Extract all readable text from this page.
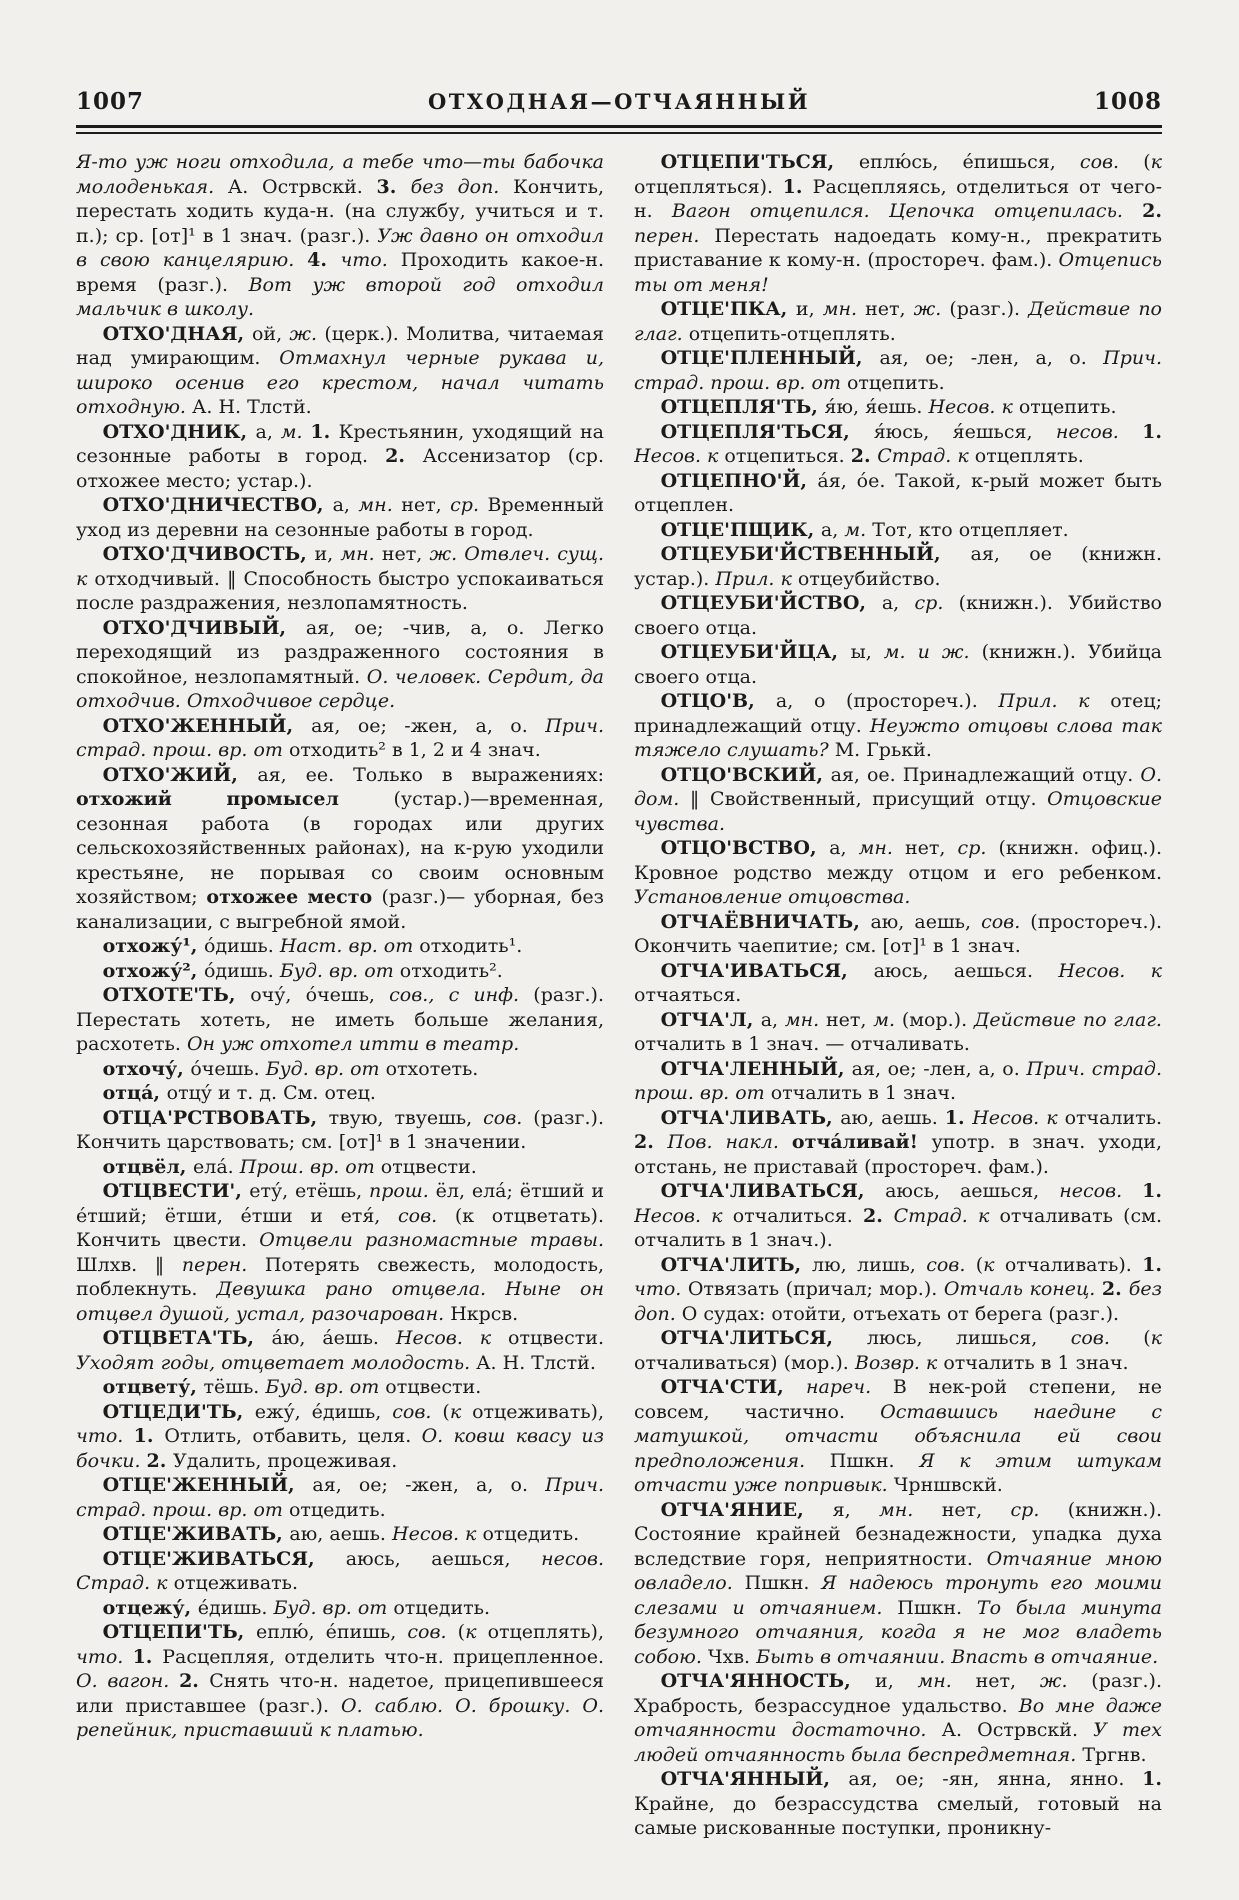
1007	ОТХОДНАЯ—ОТЧАЯННЫЙ	1008

Я-то уж ноги отходила, а тебе что—ты бабочка молоденькая. А. Острвскй. 3. без доп. Кончить, перестать ходить куда-н. (на службу, учиться и т. п.); ср. [от]¹ в 1 знач. (разг.). Уж давно он отходил в свою канцелярию. 4. что. Проходить какое-н. время (разг.). Вот уж второй год отходил мальчик в школу.

ОТХО'ДНАЯ, ой, ж. (церк.). Молитва, читаемая над умирающим. Отмахнул черные рукава и, широко осенив его крестом, начал читать отходную. А. Н. Тлстй.

ОТХО'ДНИК, а, м. 1. Крестьянин, уходящий на сезонные работы в город. 2. Ассенизатор (ср. отхожее место; устар.).

ОТХО'ДНИЧЕСТВО, а, мн. нет, ср. Временный уход из деревни на сезонные работы в город.

ОТХО'ДЧИВОСТЬ, и, мн. нет, ж. Отвлеч. сущ. к отходчивый. ‖ Способность быстро успокаиваться после раздражения, незлопамятность.

ОТХО'ДЧИВЫЙ, ая, ое; -чив, а, о. Легко переходящий из раздраженного состояния в спокойное, незлопамятный. О. человек. Сердит, да отходчив. Отходчивое сердце.

ОТХО'ЖЕННЫЙ, ая, ое; -жен, а, о. Прич. страд. прош. вр. от отходить² в 1, 2 и 4 знач.

ОТХО'ЖИЙ, ая, ее. Только в выражениях: отхожий промысел (устар.)—временная, сезонная работа (в городах или других сельскохозяйственных районах), на к-рую уходили крестьяне, не порывая со своим основным хозяйством; отхожее место (разг.)— уборная, без канализации, с выгребной ямой.

отхожу́¹, о́дишь. Наст. вр. от отходить¹.

отхожу́², о́дишь. Буд. вр. от отходить².

ОТХОТЕ'ТЬ, очу́, о́чешь, сов., с инф. (разг.). Перестать хотеть, не иметь больше желания, расхотеть. Он уж отхотел итти в театр.

отхочу́, о́чешь. Буд. вр. от отхотеть.

отца́, отцу́ и т. д. См. отец.

ОТЦА'РСТВОВАТЬ, твую, твуешь, сов. (разг.). Кончить царствовать; см. [от]¹ в 1 значении.

отцвёл, ела́. Прош. вр. от отцвести.

ОТЦВЕСТИ', ету́, етёшь, прош. ёл, ела́; ётший и е́тший; ётши, е́тши и етя́, сов. (к отцветать). Кончить цвести. Отцвели разномастные травы. Шлхв. ‖ перен. Потерять свежесть, молодость, поблекнуть. Девушка рано отцвела. Ныне он отцвел душой, устал, разочарован. Нкрсв.

ОТЦВЕТА'ТЬ, а́ю, а́ешь. Несов. к отцвести. Уходят годы, отцветает молодость. А. Н. Тлстй.

отцвету́, тёшь. Буд. вр. от отцвести.

ОТЦЕДИ'ТЬ, ежу́, е́дишь, сов. (к отцеживать), что. 1. Отлить, отбавить, целя. О. ковш квасу из бочки. 2. Удалить, процеживая.

ОТЦЕ'ЖЕННЫЙ, ая, ое; -жен, а, о. Прич. страд. прош. вр. от отцедить.

ОТЦЕ'ЖИВАТЬ, аю, аешь. Несов. к отцедить.

ОТЦЕ'ЖИВАТЬСЯ, аюсь, аешься, несов. Страд. к отцеживать.

отцежу́, е́дишь. Буд. вр. от отцедить.

ОТЦЕПИ'ТЬ, еплю́, е́пишь, сов. (к отцеплять), что. 1. Расцепляя, отделить что-н. прицепленное. О. вагон. 2. Снять что-н. надетое, прицепившееся или приставшее (разг.). О. саблю. О. брошку. О. репейник, приставший к платью.

ОТЦЕПИ'ТЬСЯ, еплю́сь, е́пишься, сов. (к отцепляться). 1. Расцепляясь, отделиться от чего-н. Вагон отцепился. Цепочка отцепилась. 2. перен. Перестать надоедать кому-н., прекратить приставание к кому-н. (простореч. фам.). Отцепись ты от меня!

ОТЦЕ'ПКА, и, мн. нет, ж. (разг.). Действие по глаг. отцепить-отцеплять.

ОТЦЕ'ПЛЕННЫЙ, ая, ое; -лен, а, о. Прич. страд. прош. вр. от отцепить.

ОТЦЕПЛЯ'ТЬ, я́ю, я́ешь. Несов. к отцепить.

ОТЦЕПЛЯ'ТЬСЯ, я́юсь, я́ешься, несов. 1. Несов. к отцепиться. 2. Страд. к отцеплять.

ОТЦЕПНО'Й, а́я, о́е. Такой, к-рый может быть отцеплен.

ОТЦЕ'ПЩИК, а, м. Тот, кто отцепляет.

ОТЦЕУБИ'ЙСТВЕННЫЙ, ая, ое (книжн. устар.). Прил. к отцеубийство.

ОТЦЕУБИ'ЙСТВО, а, ср. (книжн.). Убийство своего отца.

ОТЦЕУБИ'ЙЦА, ы, м. и ж. (книжн.). Убийца своего отца.

ОТЦО'В, а, о (простореч.). Прил. к отец; принадлежащий отцу. Неужто отцовы слова так тяжело слушать? М. Грькй.

ОТЦО'ВСКИЙ, ая, ое. Принадлежащий отцу. О. дом. ‖ Свойственный, присущий отцу. Отцовские чувства.

ОТЦО'ВСТВО, а, мн. нет, ср. (книжн. офиц.). Кровное родство между отцом и его ребенком. Установление отцовства.

ОТЧАЁВНИЧАТЬ, аю, аешь, сов. (простореч.). Окончить чаепитие; см. [от]¹ в 1 знач.

ОТЧА'ИВАТЬСЯ, аюсь, аешься. Несов. к отчаяться.

ОТЧА'Л, а, мн. нет, м. (мор.). Действие по глаг. отчалить в 1 знач. — отчаливать.

ОТЧА'ЛЕННЫЙ, ая, ое; -лен, а, о. Прич. страд. прош. вр. от отчалить в 1 знач.

ОТЧА'ЛИВАТЬ, аю, аешь. 1. Несов. к отчалить. 2. Пов. накл. отча́ливай! употр. в знач. уходи, отстань, не приставай (простореч. фам.).

ОТЧА'ЛИВАТЬСЯ, аюсь, аешься, несов. 1. Несов. к отчалиться. 2. Страд. к отчаливать (см. отчалить в 1 знач.).

ОТЧА'ЛИТЬ, лю, лишь, сов. (к отчаливать). 1. что. Отвязать (причал; мор.). Отчаль конец. 2. без доп. О судах: отойти, отъехать от берега (разг.).

ОТЧА'ЛИТЬСЯ, люсь, лишься, сов. (к отчаливаться) (мор.). Возвр. к отчалить в 1 знач.

ОТЧА'СТИ, нареч. В нек-рой степени, не совсем, частично. Оставшись наедине с матушкой, отчасти объяснила ей свои предположения. Пшкн. Я к этим штукам отчасти уже попривык. Чрншвскй.

ОТЧА'ЯНИЕ, я, мн. нет, ср. (книжн.). Состояние крайней безнадежности, упадка духа вследствие горя, неприятности. Отчаяние мною овладело. Пшкн. Я надеюсь тронуть его моими слезами и отчаянием. Пшкн. То была минута безумного отчаяния, когда я не мог владеть собою. Чхв. Быть в отчаянии. Впасть в отчаяние.

ОТЧА'ЯННОСТЬ, и, мн. нет, ж. (разг.). Храбрость, безрассудное удальство. Во мне даже отчаянности достаточно. А. Острвскй. У тех людей отчаянность была беспредметная. Тргнв.

ОТЧА'ЯННЫЙ, ая, ое; -ян, янна, янно. 1. Крайне, до безрассудства смелый, готовый на самые рискованные поступки, проникну-
